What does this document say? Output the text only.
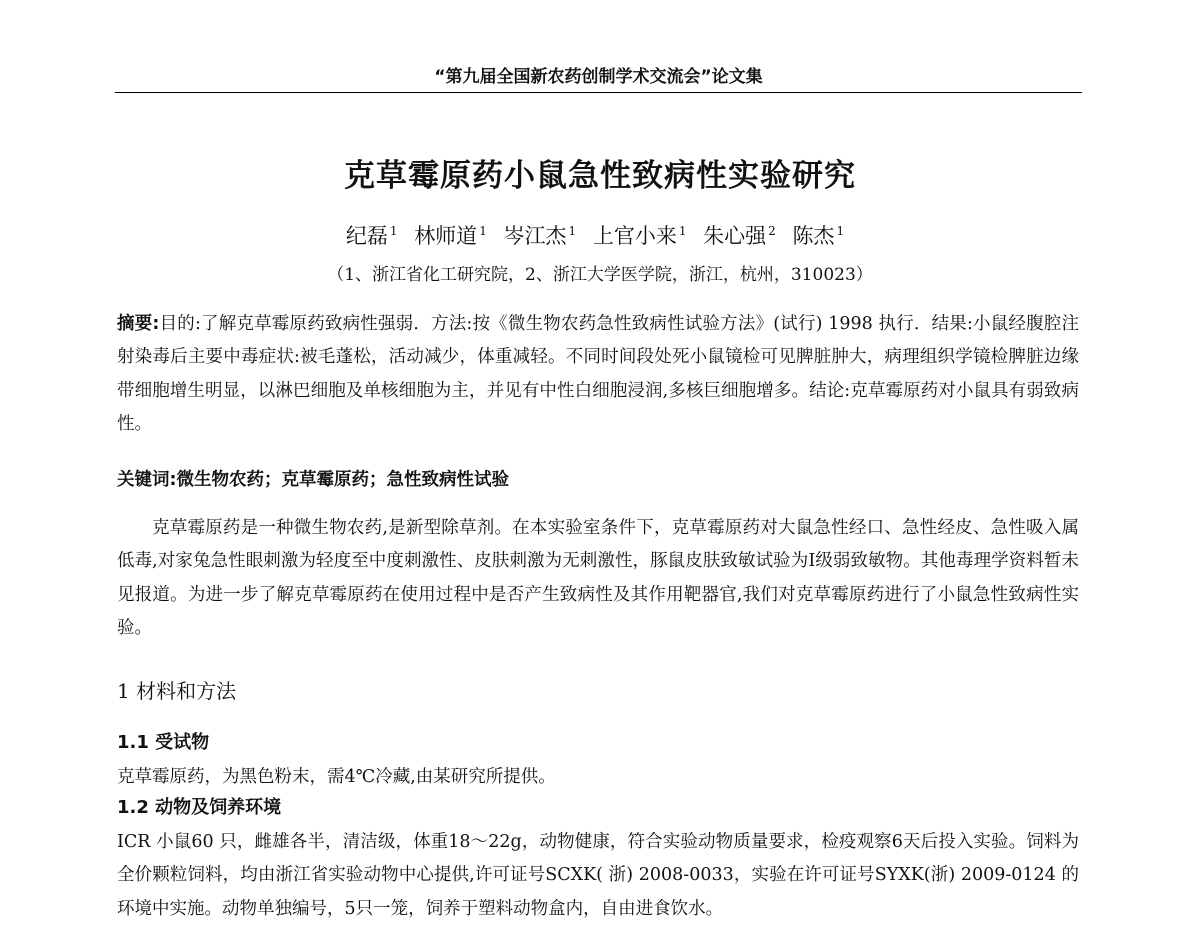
“第九届全国新农药创制学术交流会”论文集
克草霉原药小鼠急性致病性实验研究
纪磊 $^1$ 林师道 $^1$ 岑江杰 $^1$ 上官小来 $^1$ 朱心强 $^2$ 陈杰 $^1$
（1、浙江省化工研究院，2、浙江大学医学院，浙江，杭州，310023）
摘要:目的:了解克草霉原药致病性强弱．方法:按《微生物农药急性致病性试验方法》(试行) 1998 执行．结果:小鼠经腹腔注射染毒后主要中毒症状:被毛蓬松，活动减少，体重减轻。不同时间段处死小鼠镜检可见脾脏肿大，病理组织学镜检脾脏边缘带细胞增生明显，以淋巴细胞及单核细胞为主，并见有中性白细胞浸润,多核巨细胞增多。结论:克草霉原药对小鼠具有弱致病性。
关键词:微生物农药；克草霉原药；急性致病性试验
克草霉原药是一种微生物农药,是新型除草剂。在本实验室条件下，克草霉原药对大鼠急性经口、急性经皮、急性吸入属低毒,对家兔急性眼刺激为轻度至中度刺激性、皮肤刺激为无刺激性，豚鼠皮肤致敏试验为Ⅰ级弱致敏物。其他毒理学资料暂未见报道。为进一步了解克草霉原药在使用过程中是否产生致病性及其作用靶器官,我们对克草霉原药进行了小鼠急性致病性实验。
1 材料和方法
1.1 受试物
克草霉原药，为黑色粉末，需4℃冷藏,由某研究所提供。
1.2 动物及饲养环境
ICR 小鼠60 只，雌雄各半，清洁级，体重18～22g，动物健康，符合实验动物质量要求，检疫观察6天后投入实验。饲料为全价颗粒饲料，均由浙江省实验动物中心提供,许可证号SCXK( 浙) 2008-0033，实验在许可证号SYXK(浙) 2009-0124 的环境中实施。动物单独编号，5只一笼，饲养于塑料动物盒内，自由进食饮水。
